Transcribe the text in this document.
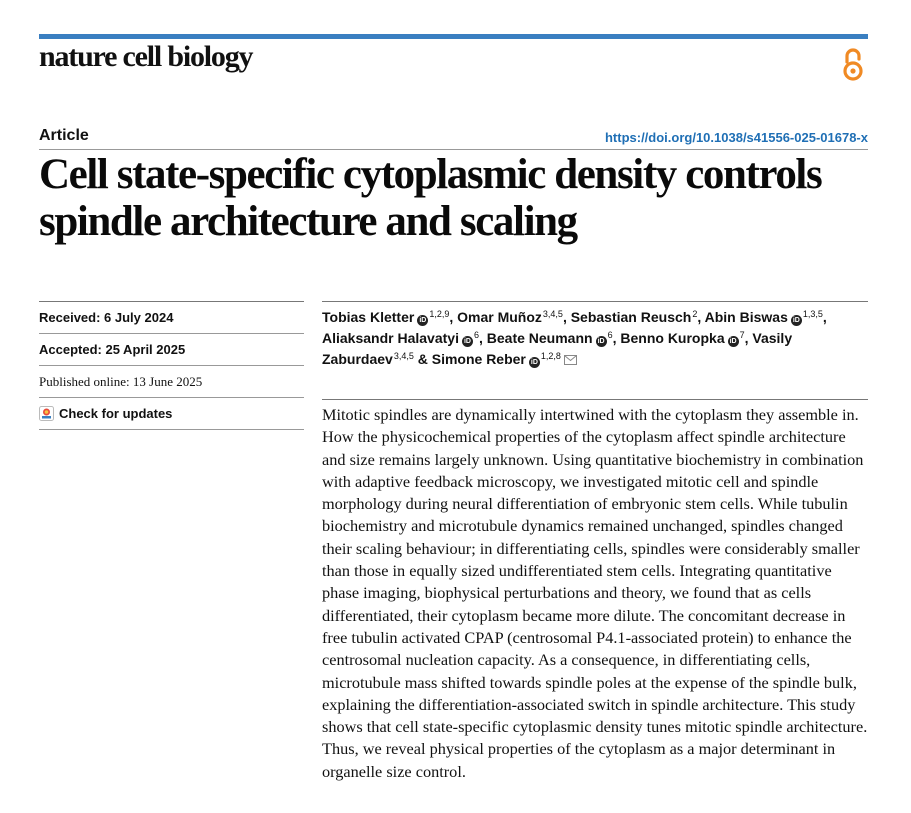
nature cell biology
Article	https://doi.org/10.1038/s41556-025-01678-x
Cell state-specific cytoplasmic density controls spindle architecture and scaling
Received: 6 July 2024
Accepted: 25 April 2025
Published online: 13 June 2025
Check for updates
Tobias Kletter iD$^{1,2,9}$, Omar Muñoz$^{3,4,5}$, Sebastian Reusch$^2$, Abin Biswas iD$^{1,3,5}$, Aliaksandr Halavatyi $iD^6$, Beate Neumann $iD^6$, Benno Kuropka $iD^7$, Vasily Zaburdaev$^{3,4,5}$ & Simone Reber iD$^{1,2,8}$

Mitotic spindles are dynamically intertwined with the cytoplasm they assemble in. How the physicochemical properties of the cytoplasm affect spindle architecture and size remains largely unknown. Using quantitative biochemistry in combination with adaptive feedback microscopy, we investigated mitotic cell and spindle morphology during neural differentiation of embryonic stem cells. While tubulin biochemistry and microtubule dynamics remained unchanged, spindles changed their scaling behaviour; in differentiating cells, spindles were considerably smaller than those in equally sized undifferentiated stem cells. Integrating quantitative phase imaging, biophysical perturbations and theory, we found that as cells differentiated, their cytoplasm became more dilute. The concomitant decrease in free tubulin activated CPAP (centrosomal P4.1-associated protein) to enhance the centrosomal nucleation capacity. As a consequence, in differentiating cells, microtubule mass shifted towards spindle poles at the expense of the spindle bulk, explaining the differentiation-associated switch in spindle architecture. This study shows that cell state-specific cytoplasmic density tunes mitotic spindle architecture. Thus, we reveal physical properties of the cytoplasm as a major determinant in organelle size control.
